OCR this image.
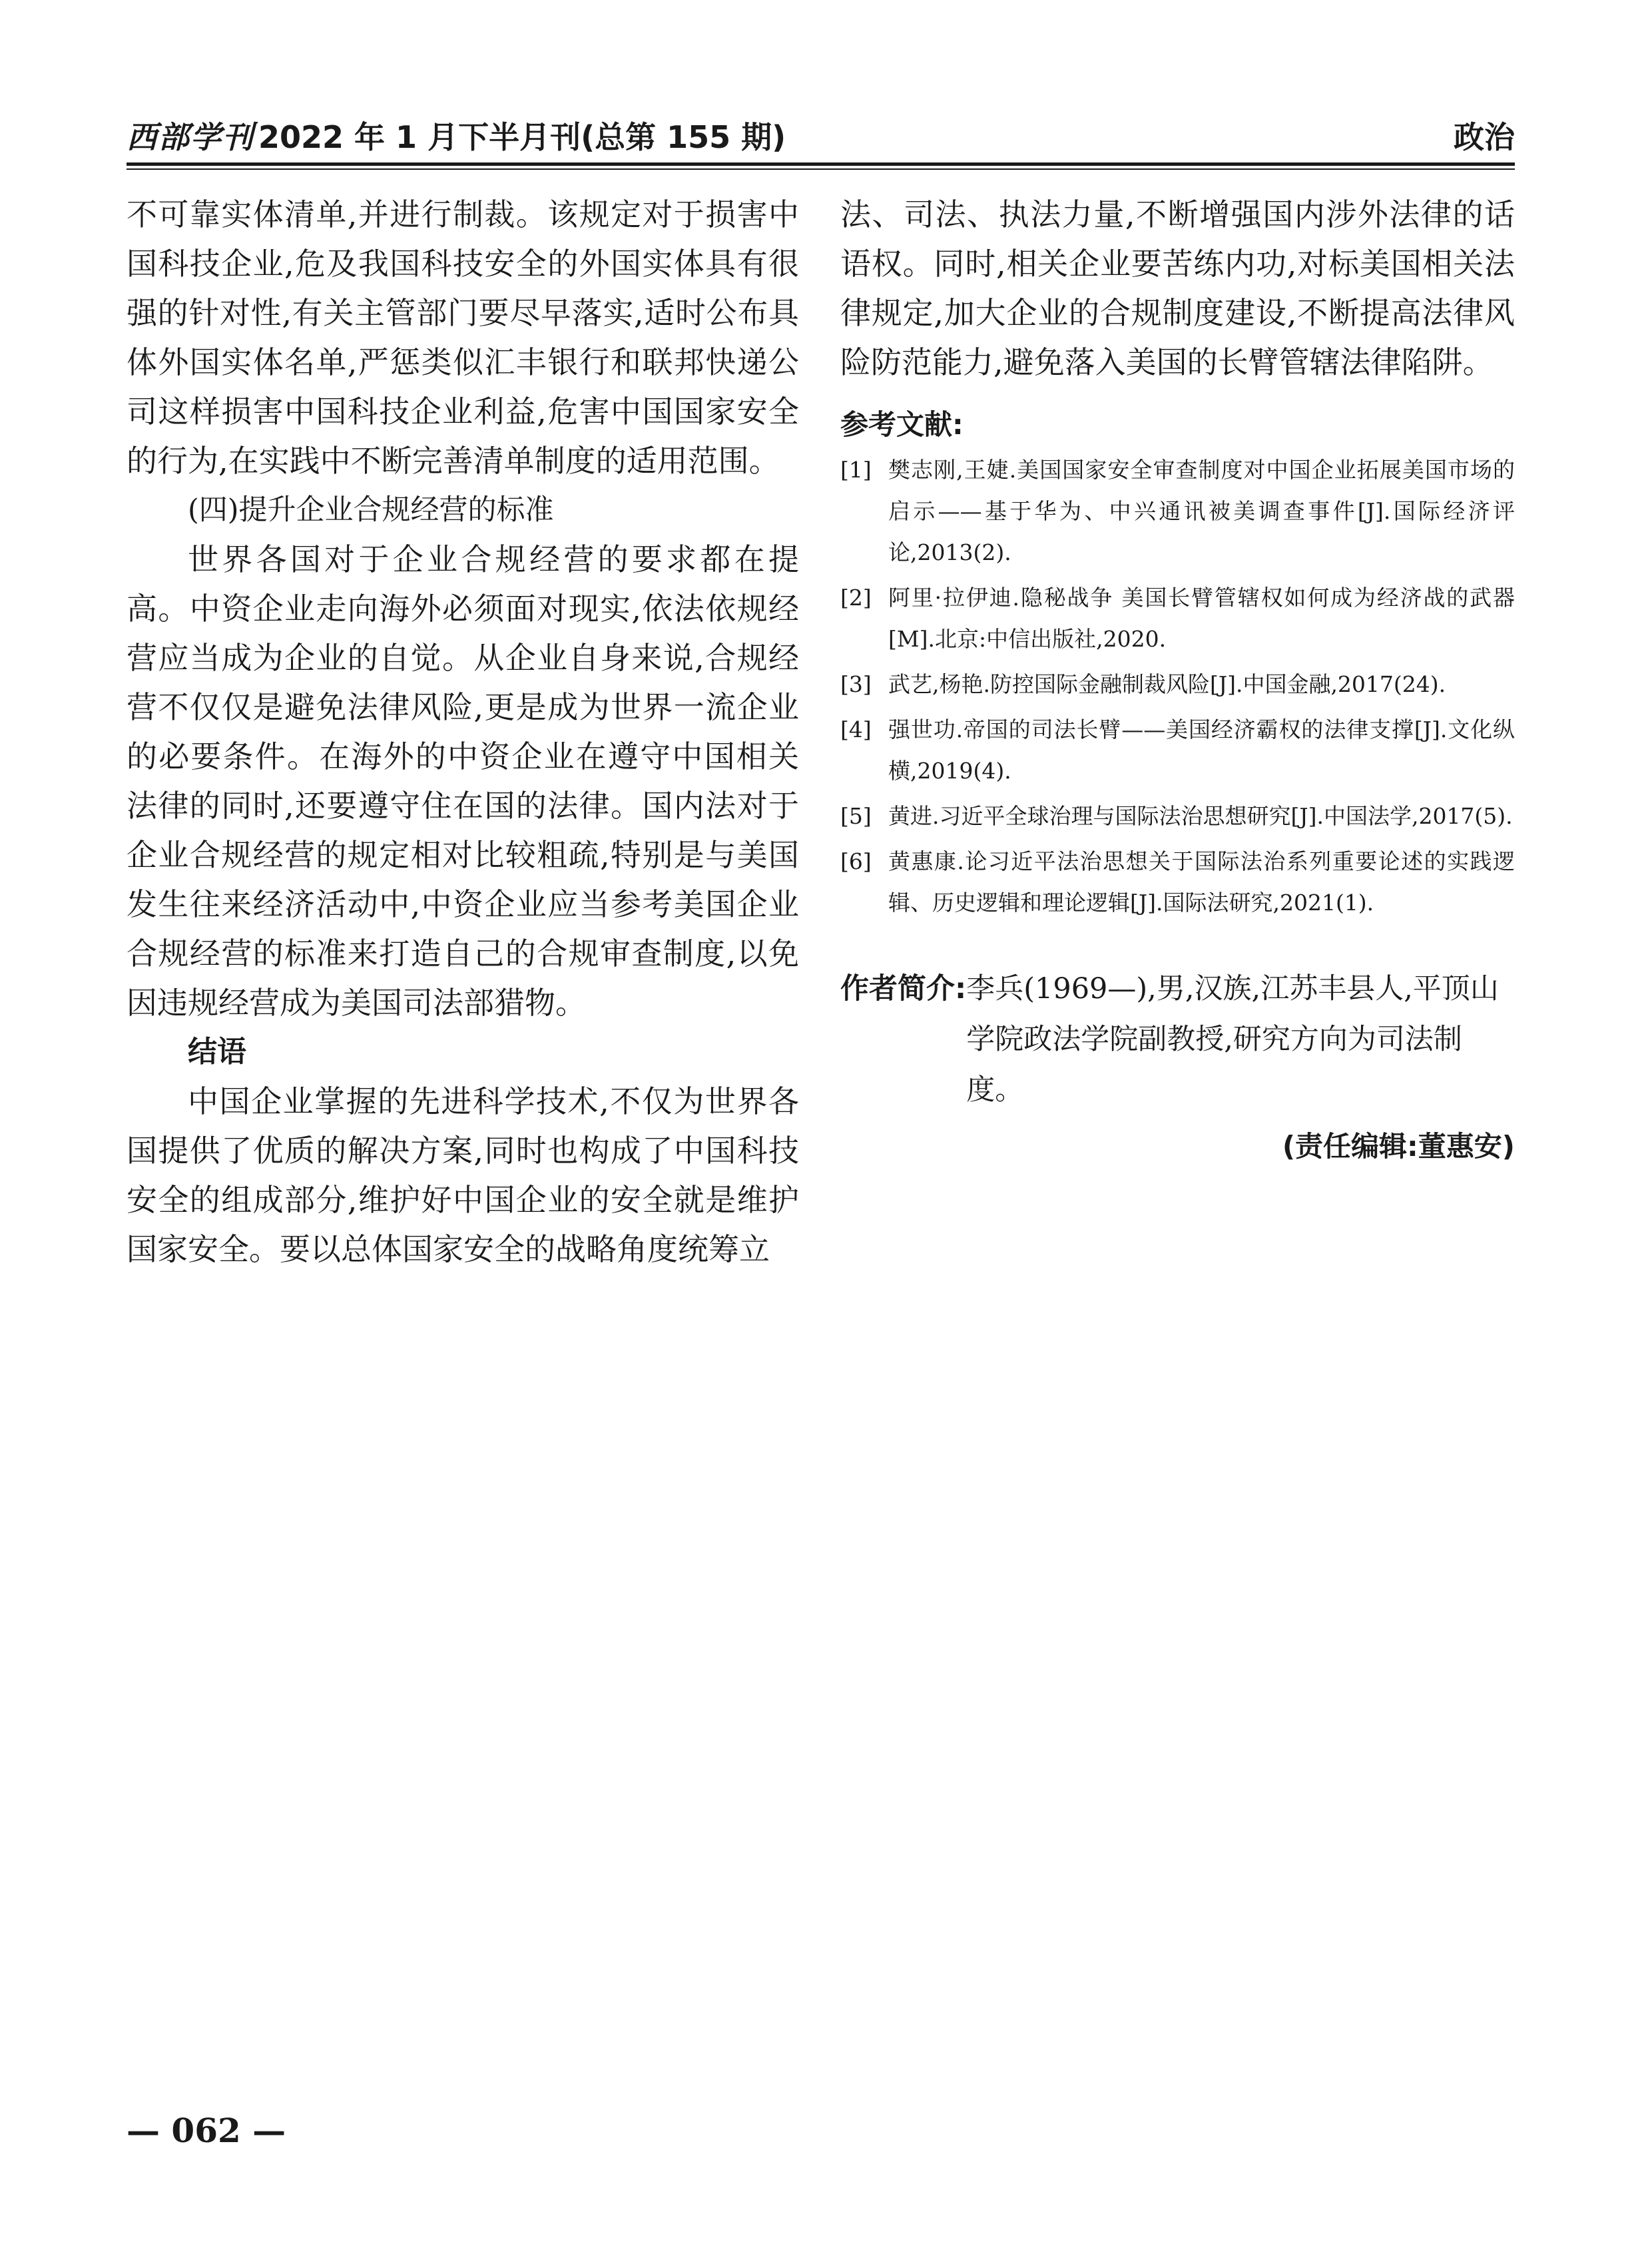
西部学刊 2022 年 1 月下半月刊(总第 155 期)	政治

不可靠实体清单,并进行制裁。该规定对于损害中国科技企业,危及我国科技安全的外国实体具有很强的针对性,有关主管部门要尽早落实,适时公布具体外国实体名单,严惩类似汇丰银行和联邦快递公司这样损害中国科技企业利益,危害中国国家安全的行为,在实践中不断完善清单制度的适用范围。

(四)提升企业合规经营的标准

世界各国对于企业合规经营的要求都在提高。中资企业走向海外必须面对现实,依法依规经营应当成为企业的自觉。从企业自身来说,合规经营不仅仅是避免法律风险,更是成为世界一流企业的必要条件。在海外的中资企业在遵守中国相关法律的同时,还要遵守住在国的法律。国内法对于企业合规经营的规定相对比较粗疏,特别是与美国发生往来经济活动中,中资企业应当参考美国企业合规经营的标准来打造自己的合规审查制度,以免因违规经营成为美国司法部猎物。

结语

中国企业掌握的先进科学技术,不仅为世界各国提供了优质的解决方案,同时也构成了中国科技安全的组成部分,维护好中国企业的安全就是维护国家安全。要以总体国家安全的战略角度统筹立

法、司法、执法力量,不断增强国内涉外法律的话语权。同时,相关企业要苦练内功,对标美国相关法律规定,加大企业的合规制度建设,不断提高法律风险防范能力,避免落入美国的长臂管辖法律陷阱。

参考文献:
[1] 樊志刚,王婕.美国国家安全审查制度对中国企业拓展美国市场的启示——基于华为、中兴通讯被美调查事件[J].国际经济评论,2013(2).
[2] 阿里·拉伊迪.隐秘战争 美国长臂管辖权如何成为经济战的武器[M].北京:中信出版社,2020.
[3] 武艺,杨艳.防控国际金融制裁风险[J].中国金融,2017(24).
[4] 强世功.帝国的司法长臂——美国经济霸权的法律支撑[J].文化纵横,2019(4).
[5] 黄进.习近平全球治理与国际法治思想研究[J].中国法学,2017(5).
[6] 黄惠康.论习近平法治思想关于国际法治系列重要论述的实践逻辑、历史逻辑和理论逻辑[J].国际法研究,2021(1).
作者简介: 李兵(1969—),男,汉族,江苏丰县人,平顶山学院政法学院副教授,研究方向为司法制度。
(责任编辑:董惠安)
— 062 —
